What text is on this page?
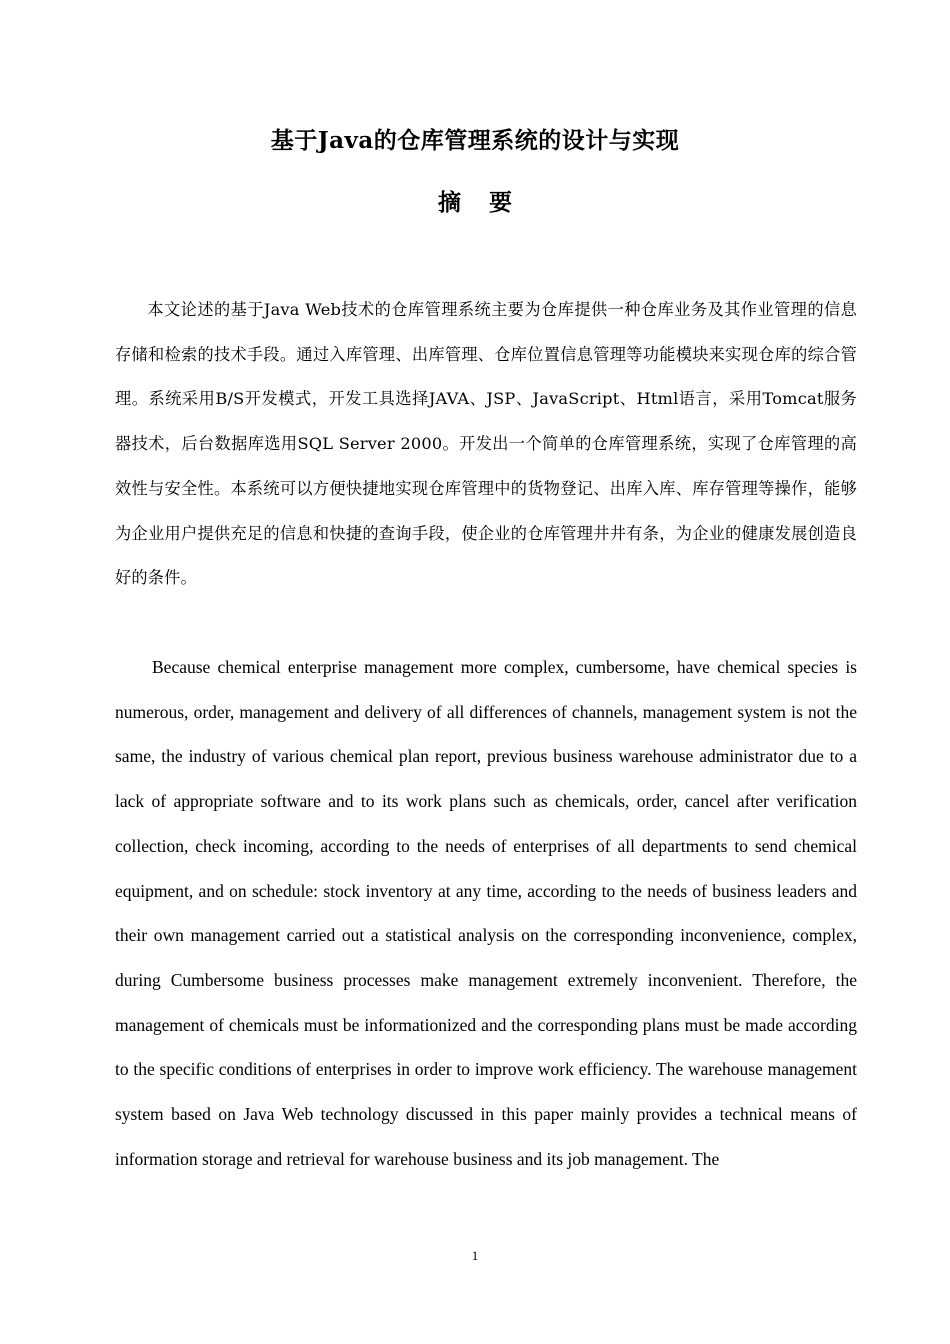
基于Java的仓库管理系统的设计与实现
摘 要

本文论述的基于Java Web技术的仓库管理系统主要为仓库提供一种仓库业务及其作业管理的信息存储和检索的技术手段。通过入库管理、出库管理、仓库位置信息管理等功能模块来实现仓库的综合管理。系统采用B/S开发模式，开发工具选择JAVA、JSP、JavaScript、Html语言，采用Tomcat服务器技术，后台数据库选用SQL Server 2000。开发出一个简单的仓库管理系统，实现了仓库管理的高效性与安全性。本系统可以方便快捷地实现仓库管理中的货物登记、出库入库、库存管理等操作，能够为企业用户提供充足的信息和快捷的查询手段，使企业的仓库管理井井有条，为企业的健康发展创造良好的条件。

Because chemical enterprise management more complex, cumbersome, have chemical species is numerous, order, management and delivery of all differences of channels, management system is not the same, the industry of various chemical plan report, previous business warehouse administrator due to a lack of appropriate software and to its work plans such as chemicals, order, cancel after verification collection, check incoming, according to the needs of enterprises of all departments to send chemical equipment, and on schedule: stock inventory at any time, according to the needs of business leaders and their own management carried out a statistical analysis on the corresponding inconvenience, complex, during Cumbersome business processes make management extremely inconvenient. Therefore, the management of chemicals must be informationized and the corresponding plans must be made according to the specific conditions of enterprises in order to improve work efficiency. The warehouse management system based on Java Web technology discussed in this paper mainly provides a technical means of information storage and retrieval for warehouse business and its job management. The

1
